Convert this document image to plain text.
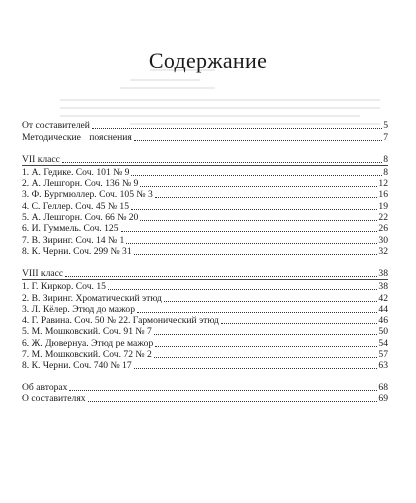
Содержание
От составителей	5
Методические пояснения	7
VII класс	8
1. А. Гедике. Соч. 101 № 9	8
2. А. Лешгорн. Соч. 136 № 9	12
3. Ф. Бургмюллер. Соч. 105 № 3	16
4. С. Геллер. Соч. 45 № 15	19
5. А. Лешгорн. Соч. 66 № 20	22
6. И. Гуммель. Соч. 125	26
7. В. Зиринг. Соч. 14 № 1	30
8. К. Черни. Соч. 299 № 31	32
VIII класс	38
1. Г. Киркор. Соч. 15	38
2. В. Зиринг. Хроматический этюд	42
3. Л. Кёлер. Этюд до мажор	44
4. Г. Равина. Соч. 50 № 22. Гармонический этюд	46
5. М. Мошковский. Соч. 91 № 7	50
6. Ж. Дювернуа. Этюд ре мажор	54
7. М. Мошковский. Соч. 72 № 2	57
8. К. Черни. Соч. 740 № 17	63
Об авторах	68
О составителях	69
